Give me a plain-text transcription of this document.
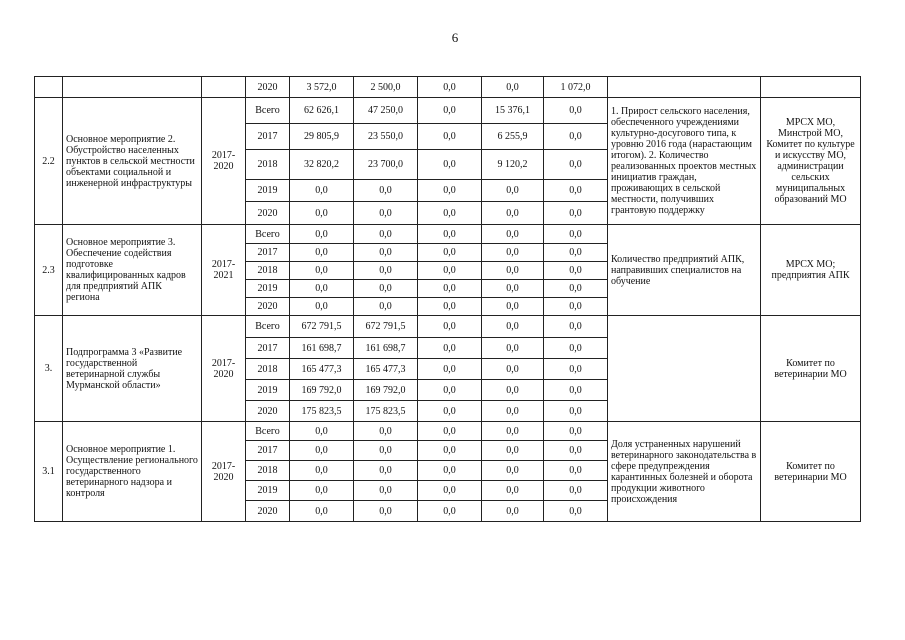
6
			2020	3 572,0	2 500,0	0,0	0,0	1 072,0		
2.2	Основное мероприятие 2. Обустройство населенных пунктов в сельской местности объектами социальной и инженерной инфраструктуры	2017-2020	Всего	62 626,1	47 250,0	0,0	15 376,1	0,0	1. Прирост сельского населения, обеспеченного учреждениями культурно-досугового типа, к уровню 2016 года (нарастающим итогом). 2. Количество реализованных проектов местных инициатив граждан, проживающих в сельской местности, получивших грантовую поддержку	МРСХ МО, Минстрой МО, Комитет по культуре и искусству МО, администрации сельских муниципальных образований МО
			2017	29 805,9	23 550,0	0,0	6 255,9	0,0		
			2018	32 820,2	23 700,0	0,0	9 120,2	0,0		
			2019	0,0	0,0	0,0	0,0	0,0		
			2020	0,0	0,0	0,0	0,0	0,0		
2.3	Основное мероприятие 3. Обеспечение содействия подготовке квалифицированных кадров для предприятий АПК региона	2017-2021	Всего	0,0	0,0	0,0	0,0	0,0	Количество предприятий АПК, направивших специалистов на обучение	МРСХ МО; предприятия АПК
			2017	0,0	0,0	0,0	0,0	0,0		
			2018	0,0	0,0	0,0	0,0	0,0		
			2019	0,0	0,0	0,0	0,0	0,0		
			2020	0,0	0,0	0,0	0,0	0,0		
3.	Подпрограмма 3 «Развитие государственной ветеринарной службы Мурманской области»	2017-2020	Всего	672 791,5	672 791,5	0,0	0,0	0,0		Комитет по ветеринарии МО
			2017	161 698,7	161 698,7	0,0	0,0	0,0		
			2018	165 477,3	165 477,3	0,0	0,0	0,0		
			2019	169 792,0	169 792,0	0,0	0,0	0,0		
			2020	175 823,5	175 823,5	0,0	0,0	0,0		
3.1	Основное мероприятие 1. Осуществление регионального государственного ветеринарного надзора и контроля	2017-2020	Всего	0,0	0,0	0,0	0,0	0,0	Доля устраненных нарушений ветеринарного законодательства в сфере предупреждения карантинных болезней и оборота продукции животного происхождения	Комитет по ветеринарии МО
			2017	0,0	0,0	0,0	0,0	0,0		
			2018	0,0	0,0	0,0	0,0	0,0		
			2019	0,0	0,0	0,0	0,0	0,0		
			2020	0,0	0,0	0,0	0,0	0,0		
